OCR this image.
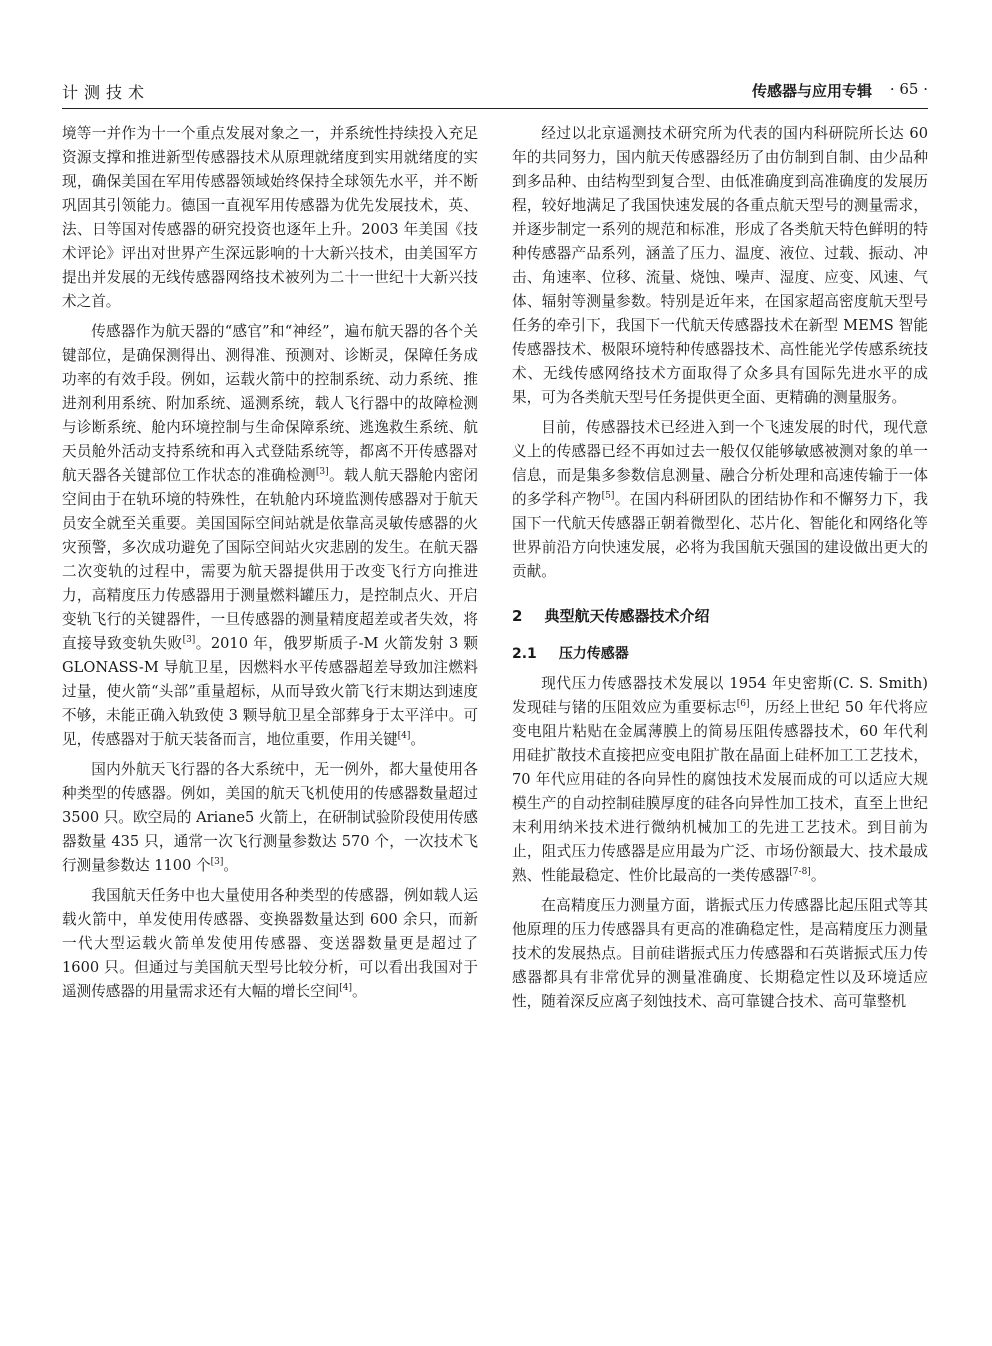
计测技术	传感器与应用专辑 · 65 ·

境等一并作为十一个重点发展对象之一，并系统性持续投入充足资源支撑和推进新型传感器技术从原理就绪度到实用就绪度的实现，确保美国在军用传感器领域始终保持全球领先水平，并不断巩固其引领能力。德国一直视军用传感器为优先发展技术，英、法、日等国对传感器的研究投资也逐年上升。2003 年美国《技术评论》评出对世界产生深远影响的十大新兴技术，由美国军方提出并发展的无线传感器网络技术被列为二十一世纪十大新兴技术之首。

传感器作为航天器的“感官”和“神经”，遍布航天器的各个关键部位，是确保测得出、测得准、预测对、诊断灵，保障任务成功率的有效手段。例如，运载火箭中的控制系统、动力系统、推进剂利用系统、附加系统、遥测系统，载人飞行器中的故障检测与诊断系统、舱内环境控制与生命保障系统、逃逸救生系统、航天员舱外活动支持系统和再入式登陆系统等，都离不开传感器对航天器各关键部位工作状态的准确检测[3]。载人航天器舱内密闭空间由于在轨环境的特殊性，在轨舱内环境监测传感器对于航天员安全就至关重要。美国国际空间站就是依靠高灵敏传感器的火灾预警，多次成功避免了国际空间站火灾悲剧的发生。在航天器二次变轨的过程中，需要为航天器提供用于改变飞行方向推进力，高精度压力传感器用于测量燃料罐压力，是控制点火、开启变轨飞行的关键器件，一旦传感器的测量精度超差或者失效，将直接导致变轨失败[3]。2010 年，俄罗斯质子-M 火箭发射 3 颗 GLONASS-M 导航卫星，因燃料水平传感器超差导致加注燃料过量，使火箭“头部”重量超标，从而导致火箭飞行末期达到速度不够，未能正确入轨致使 3 颗导航卫星全部葬身于太平洋中。可见，传感器对于航天装备而言，地位重要，作用关键[4]。

国内外航天飞行器的各大系统中，无一例外，都大量使用各种类型的传感器。例如，美国的航天飞机使用的传感器数量超过 3500 只。欧空局的 Ariane5 火箭上，在研制试验阶段使用传感器数量 435 只，通常一次飞行测量参数达 570 个，一次技术飞行测量参数达 1100 个[3]。

我国航天任务中也大量使用各种类型的传感器，例如载人运载火箭中，单发使用传感器、变换器数量达到 600 余只，而新一代大型运载火箭单发使用传感器、变送器数量更是超过了 1600 只。但通过与美国航天型号比较分析，可以看出我国对于遥测传感器的用量需求还有大幅的增长空间[4]。

经过以北京遥测技术研究所为代表的国内科研院所长达 60 年的共同努力，国内航天传感器经历了由仿制到自制、由少品种到多品种、由结构型到复合型、由低准确度到高准确度的发展历程，较好地满足了我国快速发展的各重点航天型号的测量需求，并逐步制定一系列的规范和标准，形成了各类航天特色鲜明的特种传感器产品系列，涵盖了压力、温度、液位、过载、振动、冲击、角速率、位移、流量、烧蚀、噪声、湿度、应变、风速、气体、辐射等测量参数。特别是近年来，在国家超高密度航天型号任务的牵引下，我国下一代航天传感器技术在新型 MEMS 智能传感器技术、极限环境特种传感器技术、高性能光学传感系统技术、无线传感网络技术方面取得了众多具有国际先进水平的成果，可为各类航天型号任务提供更全面、更精确的测量服务。

目前，传感器技术已经进入到一个飞速发展的时代，现代意义上的传感器已经不再如过去一般仅仅能够敏感被测对象的单一信息，而是集多参数信息测量、融合分析处理和高速传输于一体的多学科产物[5]。在国内科研团队的团结协作和不懈努力下，我国下一代航天传感器正朝着微型化、芯片化、智能化和网络化等世界前沿方向快速发展，必将为我国航天强国的建设做出更大的贡献。

2 典型航天传感器技术介绍
2.1 压力传感器

现代压力传感器技术发展以 1954 年史密斯(C. S. Smith) 发现硅与锗的压阻效应为重要标志[6]，历经上世纪 50 年代将应变电阻片粘贴在金属薄膜上的简易压阻传感器技术，60 年代利用硅扩散技术直接把应变电阻扩散在晶面上硅杯加工工艺技术，70 年代应用硅的各向异性的腐蚀技术发展而成的可以适应大规模生产的自动控制硅膜厚度的硅各向异性加工技术，直至上世纪末利用纳米技术进行微纳机械加工的先进工艺技术。到目前为止，阻式压力传感器是应用最为广泛、市场份额最大、技术最成熟、性能最稳定、性价比最高的一类传感器[7-8]。

在高精度压力测量方面，谐振式压力传感器比起压阻式等其他原理的压力传感器具有更高的准确稳定性，是高精度压力测量技术的发展热点。目前硅谐振式压力传感器和石英谐振式压力传感器都具有非常优异的测量准确度、长期稳定性以及环境适应性，随着深反应离子刻蚀技术、高可靠键合技术、高可靠整机
